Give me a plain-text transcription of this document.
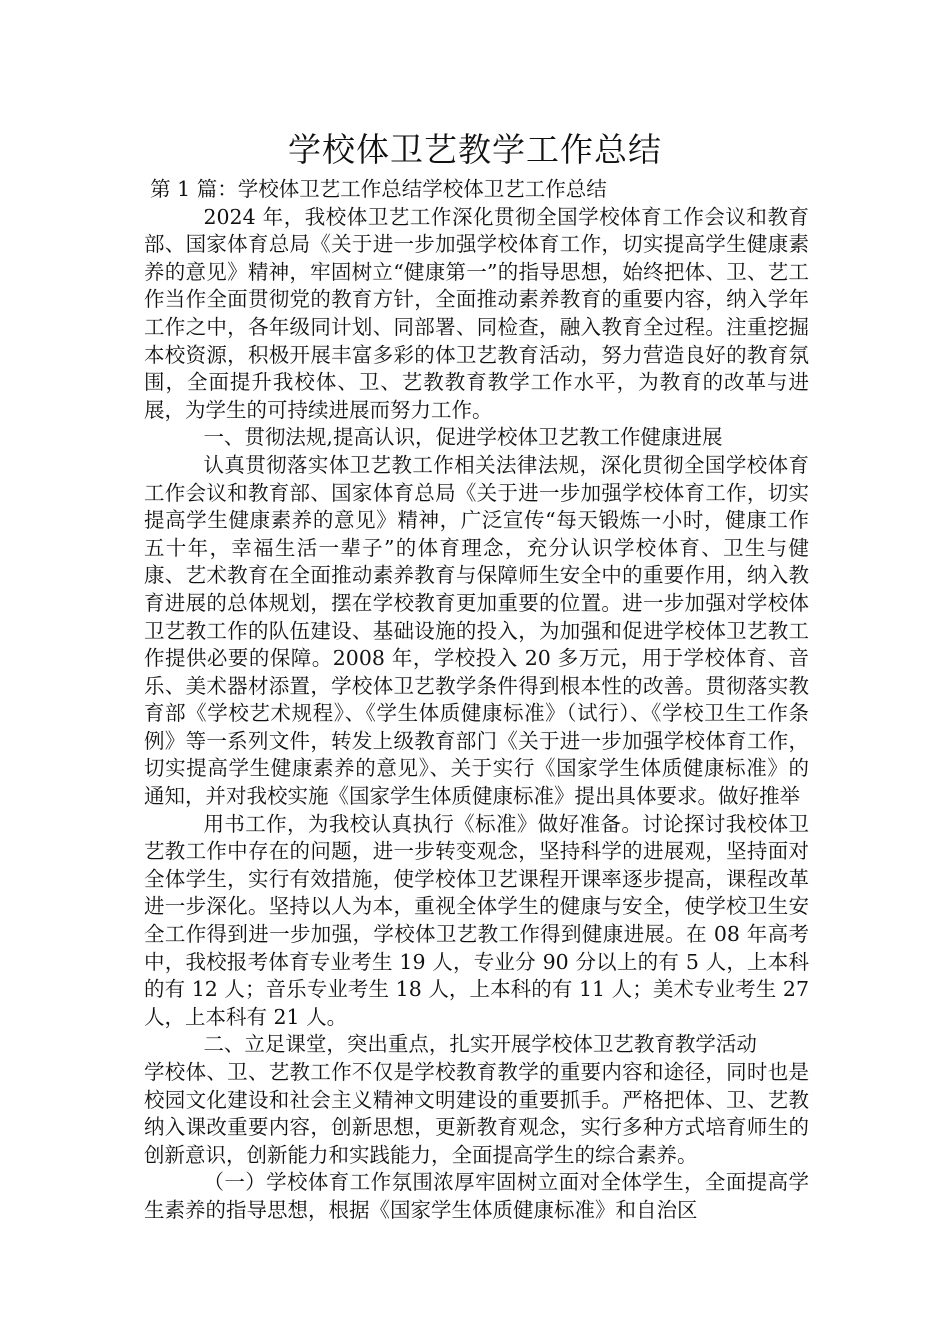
学校体卫艺教学工作总结

第 1 篇：学校体卫艺工作总结学校体卫艺工作总结

2024 年，我校体卫艺工作深化贯彻全国学校体育工作会议和教育部、国家体育总局《关于进一步加强学校体育工作，切实提高学生健康素养的意见》精神，牢固树立“健康第一”的指导思想，始终把体、卫、艺工作当作全面贯彻党的教育方针，全面推动素养教育的重要内容，纳入学年工作之中，各年级同计划、同部署、同检查，融入教育全过程。注重挖掘本校资源，积极开展丰富多彩的体卫艺教育活动，努力营造良好的教育氛围，全面提升我校体、卫、艺教教育教学工作水平，为教育的改革与进展，为学生的可持续进展而努力工作。

一、贯彻法规,提高认识，促进学校体卫艺教工作健康进展

认真贯彻落实体卫艺教工作相关法律法规，深化贯彻全国学校体育工作会议和教育部、国家体育总局《关于进一步加强学校体育工作，切实提高学生健康素养的意见》精神，广泛宣传“每天锻炼一小时，健康工作五十年，幸福生活一辈子”的体育理念，充分认识学校体育、卫生与健康、艺术教育在全面推动素养教育与保障师生安全中的重要作用，纳入教育进展的总体规划，摆在学校教育更加重要的位置。进一步加强对学校体卫艺教工作的队伍建设、基础设施的投入，为加强和促进学校体卫艺教工作提供必要的保障。2008 年，学校投入 20 多万元，用于学校体育、音乐、美术器材添置，学校体卫艺教学条件得到根本性的改善。贯彻落实教育部《学校艺术规程》、《学生体质健康标准》（试行）、《学校卫生工作条例》等一系列文件，转发上级教育部门《关于进一步加强学校体育工作，切实提高学生健康素养的意见》、关于实行《国家学生体质健康标准》的通知，并对我校实施《国家学生体质健康标准》提出具体要求。做好推举

用书工作，为我校认真执行《标准》做好准备。讨论探讨我校体卫艺教工作中存在的问题，进一步转变观念，坚持科学的进展观，坚持面对全体学生，实行有效措施，使学校体卫艺课程开课率逐步提高，课程改革进一步深化。坚持以人为本，重视全体学生的健康与安全，使学校卫生安全工作得到进一步加强，学校体卫艺教工作得到健康进展。在 08 年高考中，我校报考体育专业考生 19 人，专业分 90 分以上的有 5 人，上本科的有 12 人；音乐专业考生 18 人，上本科的有 11 人；美术专业考生 27 人，上本科有 21 人。

二、立足课堂，突出重点，扎实开展学校体卫艺教育教学活动

学校体、卫、艺教工作不仅是学校教育教学的重要内容和途径，同时也是校园文化建设和社会主义精神文明建设的重要抓手。严格把体、卫、艺教纳入课改重要内容，创新思想，更新教育观念，实行多种方式培育师生的创新意识，创新能力和实践能力，全面提高学生的综合素养。

（一）学校体育工作氛围浓厚牢固树立面对全体学生，全面提高学生素养的指导思想，根据《国家学生体质健康标准》和自治区
